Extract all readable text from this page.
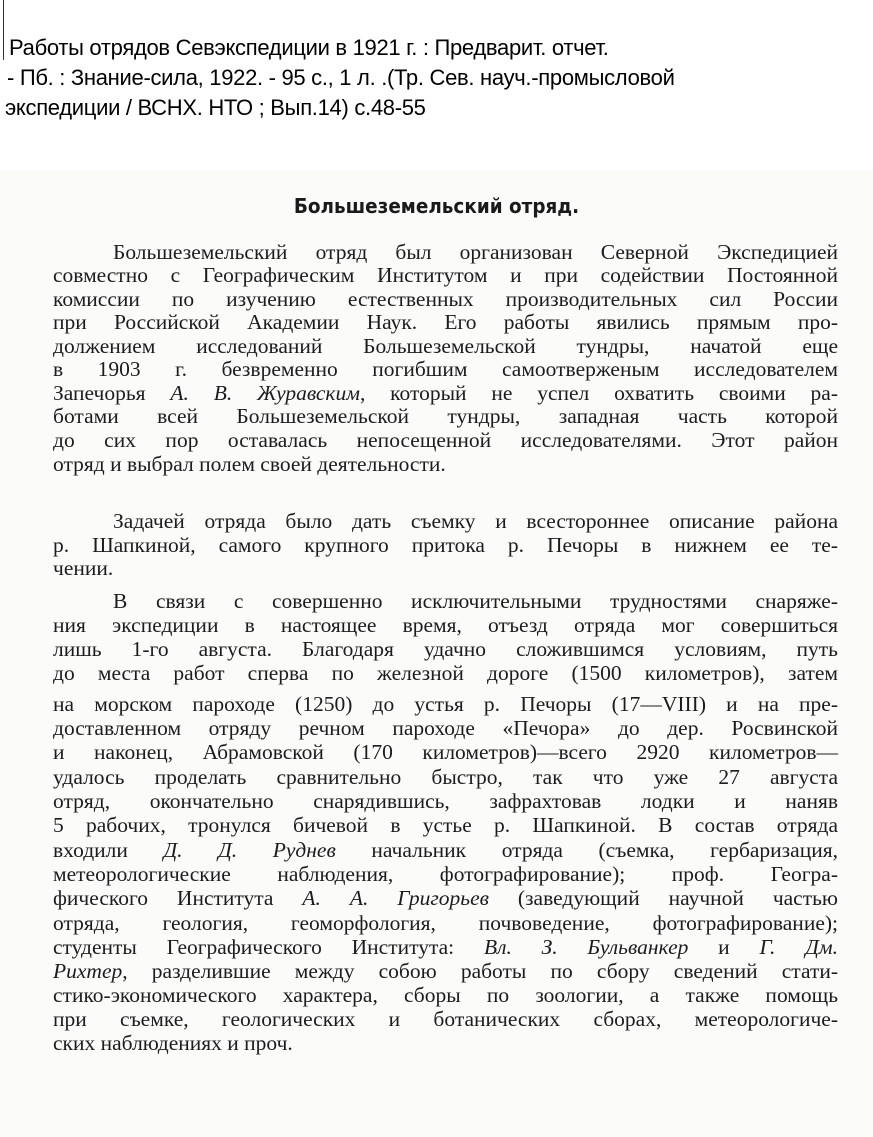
Работы отрядов Севэкспедиции в 1921 г. : Предварит. отчет.
- Пб. : Знание-сила, 1922. - 95 с., 1 л. .(Тр. Сев. науч.-промысловой
экспедиции / ВСНХ. НТО ; Вып.14) с.48-55
Большеземельский отряд.
Большеземельский отряд был организован Северной Экспедицией
совместно с Географическим Институтом и при содействии Постоянной
комиссии по изучению естественных производительных сил России
при Российской Академии Наук. Его работы явились прямым про-
должением исследований Большеземельской тундры, начатой еще
в 1903 г. безвременно погибшим самоотверженым исследователем
Запечорья А. В. Журавским, который не успел охватить своими ра-
ботами всей Большеземельской тундры, западная часть которой
до сих пор оставалась непосещенной исследователями. Этот район
отряд и выбрал полем своей деятельности.
Задачей отряда было дать съемку и всестороннее описание района
р. Шапкиной, самого крупного притока р. Печоры в нижнем ее те-
чении.
В связи с совершенно исключительными трудностями снаряже-
ния экспедиции в настоящее время, отъезд отряда мог совершиться
лишь 1-го августа. Благодаря удачно сложившимся условиям, путь
до места работ сперва по железной дороге (1500 километров), затем
на морском пароходе (1250) до устья р. Печоры (17—VIII) и на пре-
доставленном отряду речном пароходе «Печора» до дер. Росвинской
и наконец, Абрамовской (170 километров)—всего 2920 километров—
удалось проделать сравнительно быстро, так что уже 27 августа
отряд, окончательно снарядившись, зафрахтовав лодки и наняв
5 рабочих, тронулся бичевой в устье р. Шапкиной. В состав отряда
входили Д. Д. Руднев начальник отряда (съемка, гербаризация,
метеорологические наблюдения, фотографирование); проф. Геогра-
фического Института А. А. Григорьев (заведующий научной частью
отряда, геология, геоморфология, почвоведение, фотографирование);
студенты Географического Института: Вл. З. Бульванкер и Г. Дм.
Рихтер, разделившие между собою работы по сбору сведений стати-
стико-экономического характера, сборы по зоологии, а также помощь
при съемке, геологических и ботанических сборах, метеорологиче-
ских наблюдениях и проч.
